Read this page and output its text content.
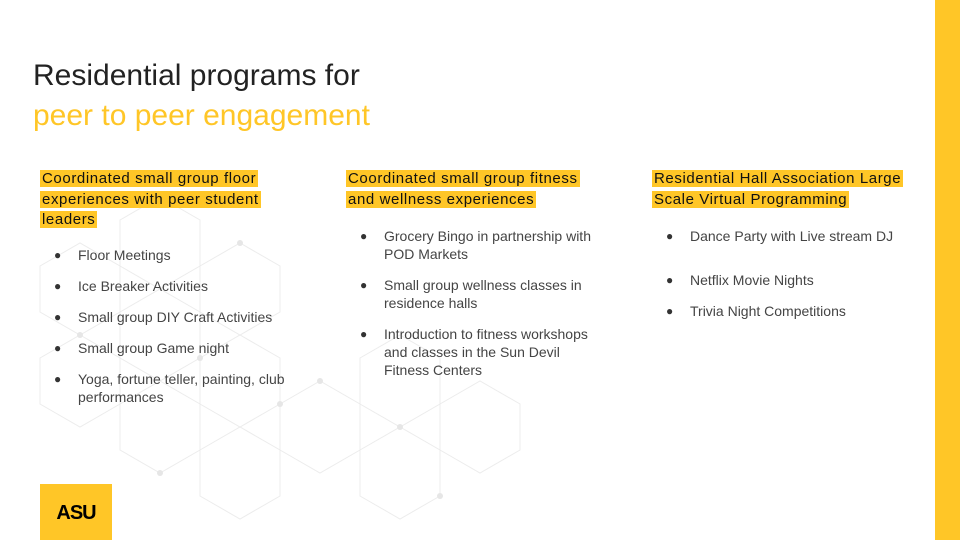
Residential programs for
peer to peer engagement
Coordinated small group floor experiences with peer student leaders
● Floor Meetings
● Ice Breaker Activities
● Small group DIY Craft Activities
● Small group Game night
● Yoga, fortune teller, painting, club performances
Coordinated small group fitness and wellness experiences
● Grocery Bingo in partnership with POD Markets
● Small group wellness classes in residence halls
● Introduction to fitness workshops and classes in the Sun Devil Fitness Centers
Residential Hall Association Large Scale Virtual Programming
● Dance Party with Live stream DJ
● Netflix Movie Nights
● Trivia Night Competitions
ASU
